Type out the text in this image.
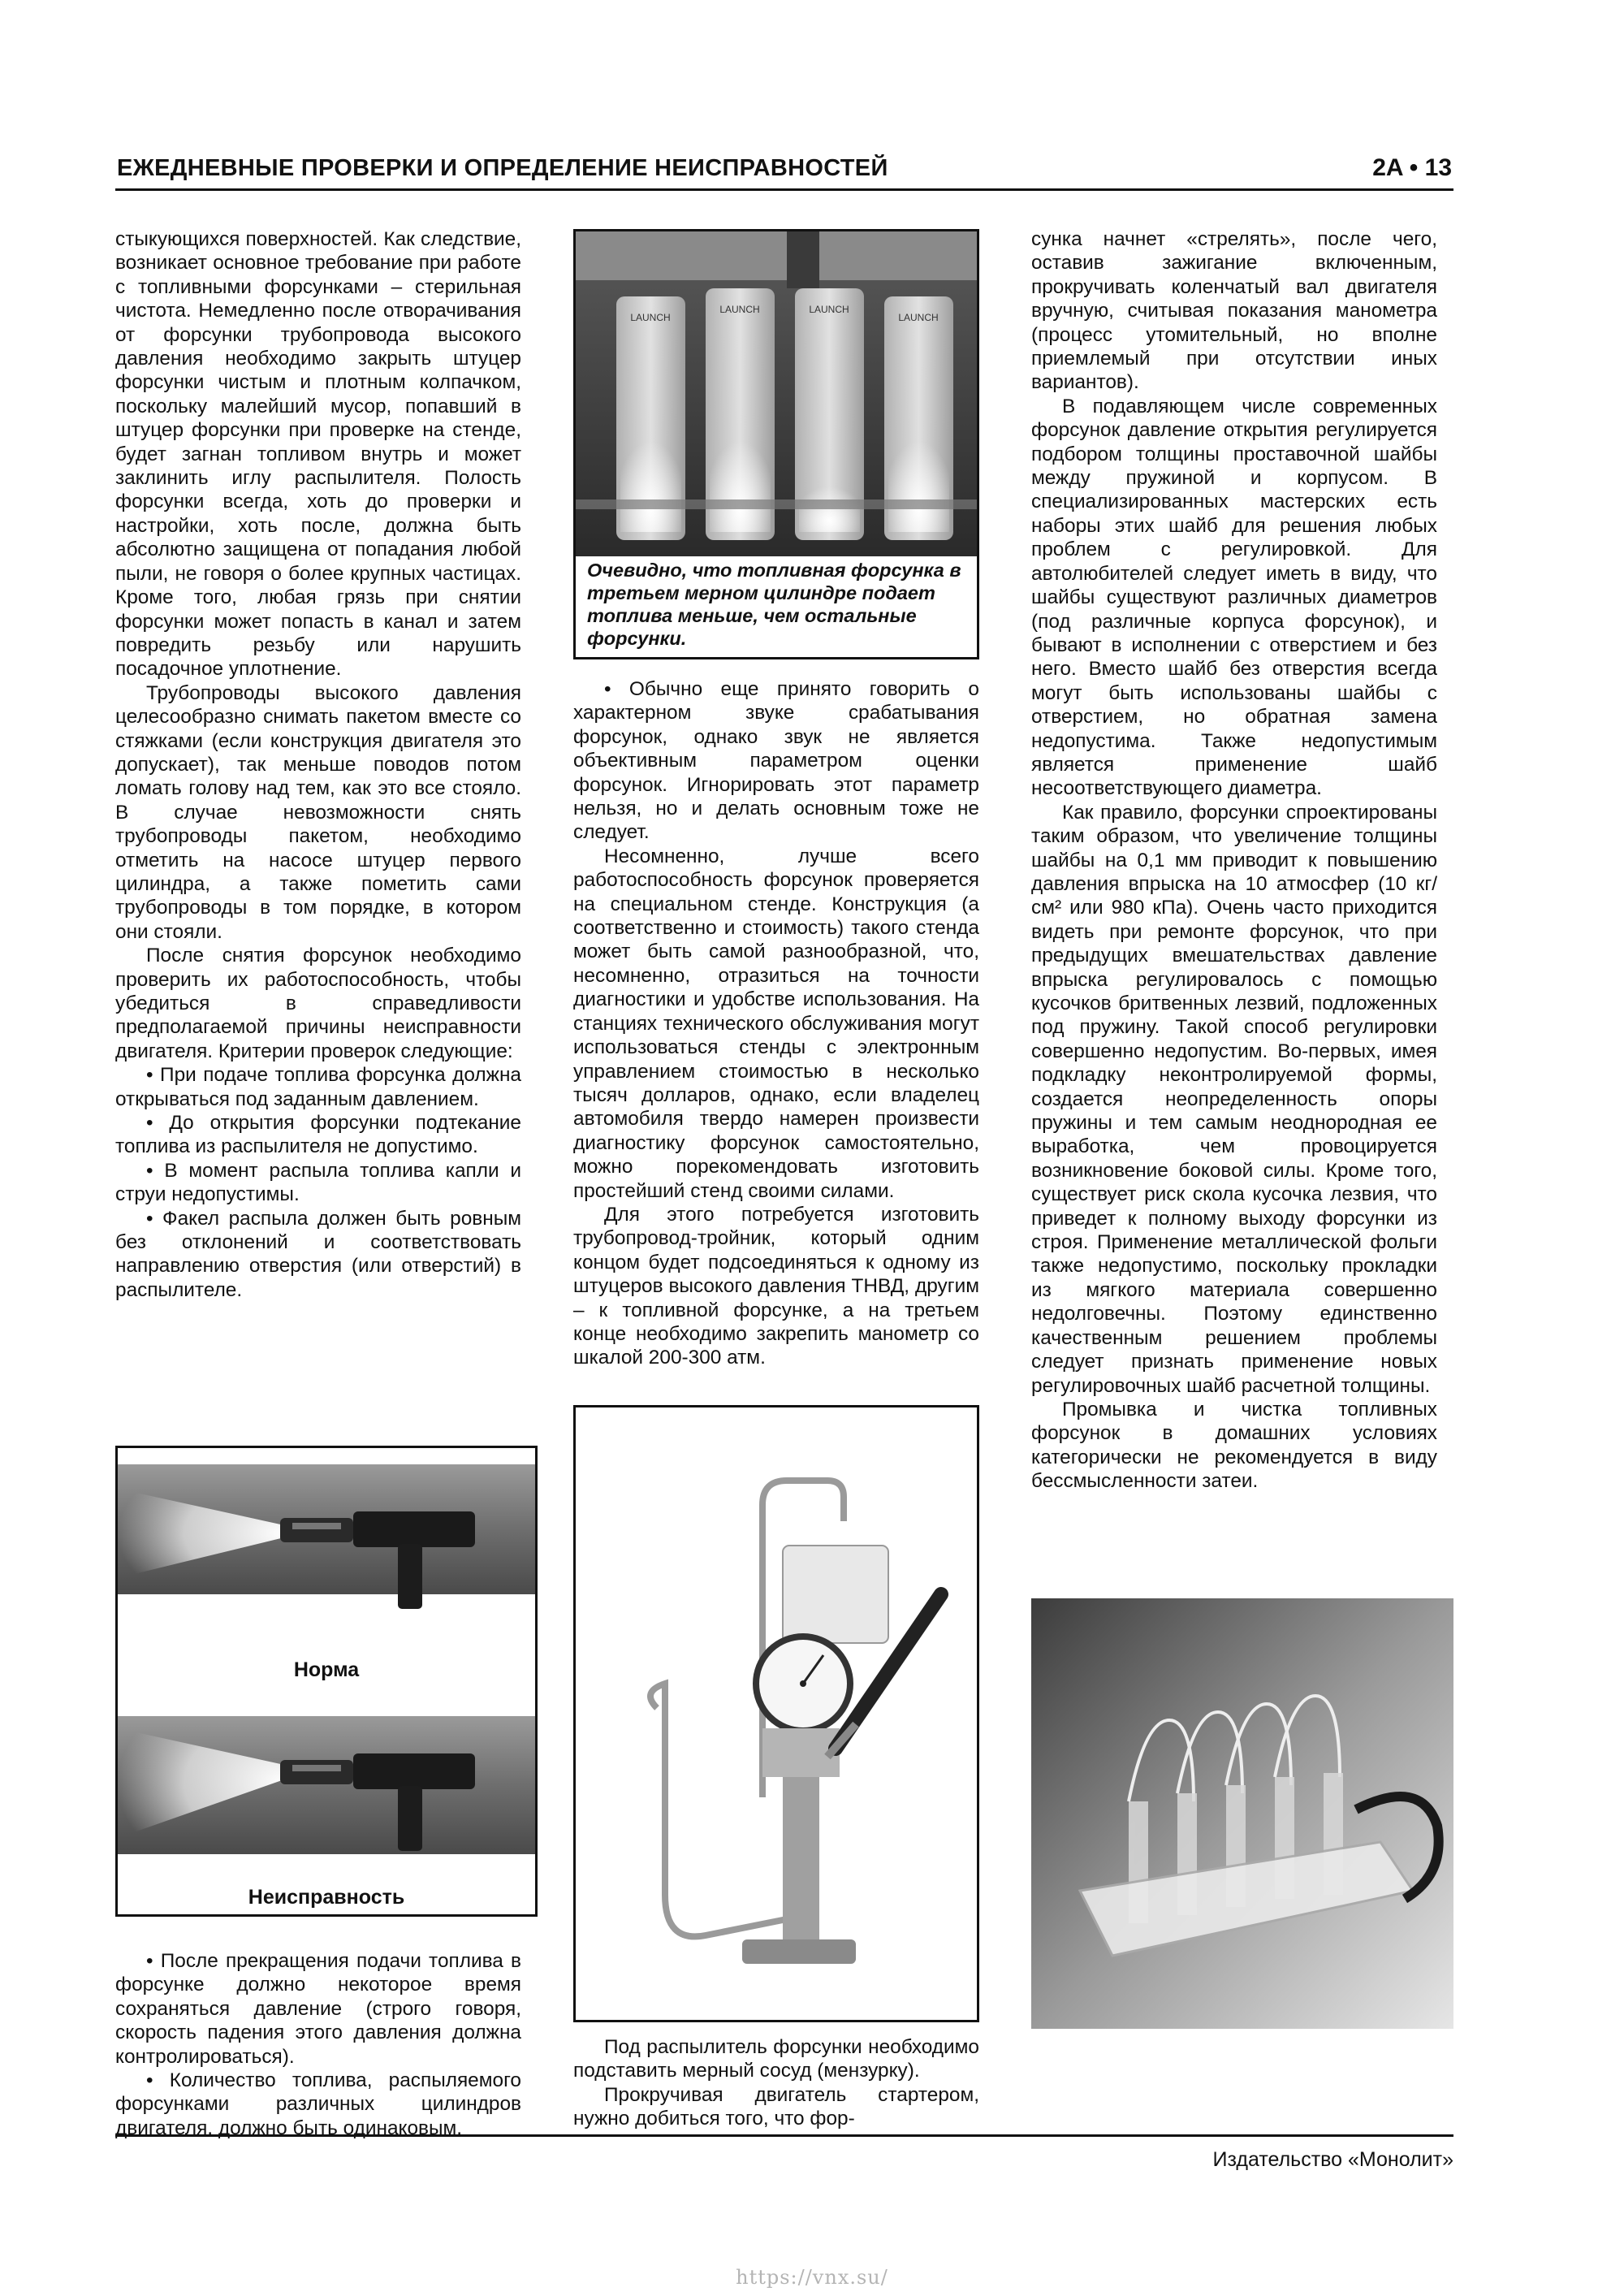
ЕЖЕДНЕВНЫЕ ПРОВЕРКИ И ОПРЕДЕЛЕНИЕ НЕИСПРАВНОСТЕЙ	2A • 13

стыкующихся поверхностей. Как следствие, возникает основное требование при работе с топливными форсунками – стерильная чистота. Немедленно после отворачивания от форсунки трубопровода высокого давления необходимо закрыть штуцер форсунки чистым и плотным колпачком, поскольку малейший мусор, попавший в штуцер форсунки при проверке на стенде, будет загнан топливом внутрь и может заклинить иглу распылителя. Полость форсунки всегда, хоть до проверки и настройки, хоть после, должна быть абсолютно защищена от попадания любой пыли, не говоря о более крупных частицах. Кроме того, любая грязь при снятии форсунки может попасть в канал и затем повредить резьбу или нарушить посадочное уплотнение.

Трубопроводы высокого давления целесообразно снимать пакетом вместе со стяжками (если конструкция двигателя это допускает), так меньше поводов потом ломать голову над тем, как это все стояло. В случае невозможности снять трубопроводы пакетом, необходимо отметить на насосе штуцер первого цилиндра, а также пометить сами трубопроводы в том порядке, в котором они стояли.

После снятия форсунок необходимо проверить их работоспособность, чтобы убедиться в справедливости предполагаемой причины неисправности двигателя. Критерии проверок следующие:

• При подаче топлива форсунка должна открываться под заданным давлением.

• До открытия форсунки подтекание топлива из распылителя не допустимо.

• В момент распыла топлива капли и струи недопустимы.

• Факел распыла должен быть ровным без отклонений и соответствовать направлению отверстия (или отверстий) в распылителе.

Норма
Неисправность

• После прекращения подачи топлива в форсунке должно некоторое время сохраняться давление (строго говоря, скорость падения этого давления должна контролироваться).

• Количество топлива, распыляемого форсунками различных цилиндров двигателя, должно быть одинаковым.

LAUNCH
LAUNCH	LAUNCH
LAUNCH
Очевидно, что топливная форсунка в третьем мерном цилиндре подает топлива меньше, чем остальные форсунки.

• Обычно еще принято говорить о характерном звуке срабатывания форсунок, однако звук не является объективным параметром оценки форсунок. Игнорировать этот параметр нельзя, но и делать основным тоже не следует.

Несомненно, лучше всего работоспособность форсунок проверяется на специальном стенде. Конструкция (а соответственно и стоимость) такого стенда может быть самой разнообразной, что, несомненно, отразиться на точности диагностики и удобстве использования. На станциях технического обслуживания могут использоваться стенды с электронным управлением стоимостью в несколько тысяч долларов, однако, если владелец автомобиля твердо намерен произвести диагностику форсунок самостоятельно, можно порекомендовать изготовить простейший стенд своими силами.

Для этого потребуется изготовить трубопровод-тройник, который одним концом будет подсоединяться к одному из штуцеров высокого давления ТНВД, другим – к топливной форсунке, а на третьем конце необходимо закрепить манометр со шкалой 200-300 атм.

Под распылитель форсунки необходимо подставить мерный сосуд (мензурку).

Прокручивая двигатель стартером, нужно добиться того, что фор-

сунка начнет «стрелять», после чего, оставив зажигание включенным, прокручивать коленчатый вал двигателя вручную, считывая показания манометра (процесс утомительный, но вполне приемлемый при отсутствии иных вариантов).

В подавляющем числе современных форсунок давление открытия регулируется подбором толщины проставочной шайбы между пружиной и корпусом. В специализированных мастерских есть наборы этих шайб для решения любых проблем с регулировкой. Для автолюбителей следует иметь в виду, что шайбы существуют различных диаметров (под различные корпуса форсунок), и бывают в исполнении с отверстием и без него. Вместо шайб без отверстия всегда могут быть использованы шайбы с отверстием, но обратная замена недопустима. Также недопустимым является применение шайб несоответствующего диаметра.

Как правило, форсунки спроектированы таким образом, что увеличение толщины шайбы на 0,1 мм приводит к повышению давления впрыска на 10 атмосфер (10 кг/см² или 980 кПа). Очень часто приходится видеть при ремонте форсунок, что при предыдущих вмешательствах давление впрыска регулировалось с помощью кусочков бритвенных лезвий, подложенных под пружину. Такой способ регулировки совершенно недопустим. Во-первых, имея подкладку неконтролируемой формы, создается неопределенность опоры пружины и тем самым неоднородная ее выработка, чем провоцируется возникновение боковой силы. Кроме того, существует риск скола кусочка лезвия, что приведет к полному выходу форсунки из строя. Применение металлической фольги также недопустимо, поскольку прокладки из мягкого материала совершенно недолговечны. Поэтому единственно качественным решением проблемы следует признать применение новых регулировочных шайб расчетной толщины.

Промывка и чистка топливных форсунок в домашних условиях категорически не рекомендуется в виду бессмысленности затеи.

Издательство «Монолит»
https://vnx.su/
